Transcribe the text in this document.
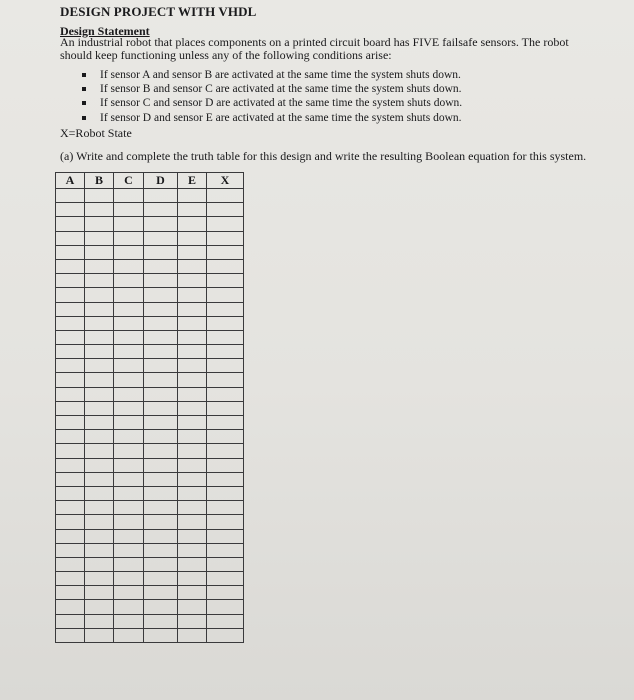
DESIGN PROJECT WITH VHDL
Design Statement
An industrial robot that places components on a printed circuit board has FIVE failsafe sensors. The robot should keep functioning unless any of the following conditions arise:
If sensor A and sensor B are activated at the same time the system shuts down.
If sensor B and sensor C are activated at the same time the system shuts down.
If sensor C and sensor D are activated at the same time the system shuts down.
If sensor D and sensor E are activated at the same time the system shuts down.
X=Robot State
(a) Write and complete the truth table for this design and write the resulting Boolean equation for this system.
A	B	C	D	E	X
